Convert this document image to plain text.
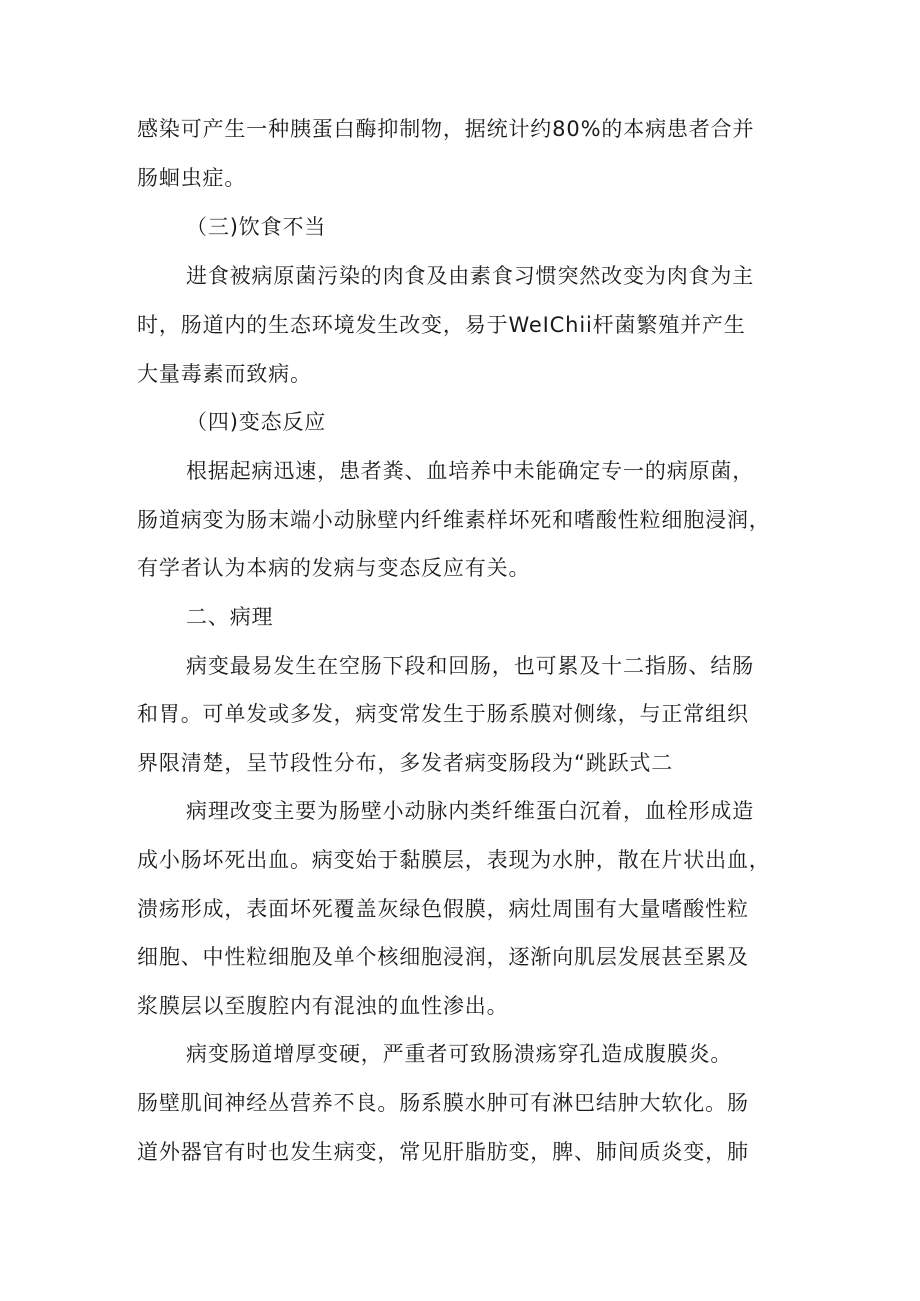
感染可产生一种胰蛋白酶抑制物，据统计约80%的本病患者合并
肠蛔虫症。
（三)饮食不当
进食被病原菌污染的肉食及由素食习惯突然改变为肉食为主
时，肠道内的生态环境发生改变，易于WeIChii杆菌繁殖并产生
大量毒素而致病。
（四)变态反应
根据起病迅速，患者粪、血培养中未能确定专一的病原菌，
肠道病变为肠末端小动脉壁内纤维素样坏死和嗜酸性粒细胞浸润，
有学者认为本病的发病与变态反应有关。
二、病理
病变最易发生在空肠下段和回肠，也可累及十二指肠、结肠
和胃。可单发或多发，病变常发生于肠系膜对侧缘，与正常组织
界限清楚，呈节段性分布，多发者病变肠段为“跳跃式二
病理改变主要为肠壁小动脉内类纤维蛋白沉着，血栓形成造
成小肠坏死出血。病变始于黏膜层，表现为水肿，散在片状出血，
溃疡形成，表面坏死覆盖灰绿色假膜，病灶周围有大量嗜酸性粒
细胞、中性粒细胞及单个核细胞浸润，逐渐向肌层发展甚至累及
浆膜层以至腹腔内有混浊的血性渗出。
病变肠道增厚变硬，严重者可致肠溃疡穿孔造成腹膜炎。
肠壁肌间神经丛营养不良。肠系膜水肿可有淋巴结肿大软化。肠
道外器官有时也发生病变，常见肝脂肪变，脾、肺间质炎变，肺
